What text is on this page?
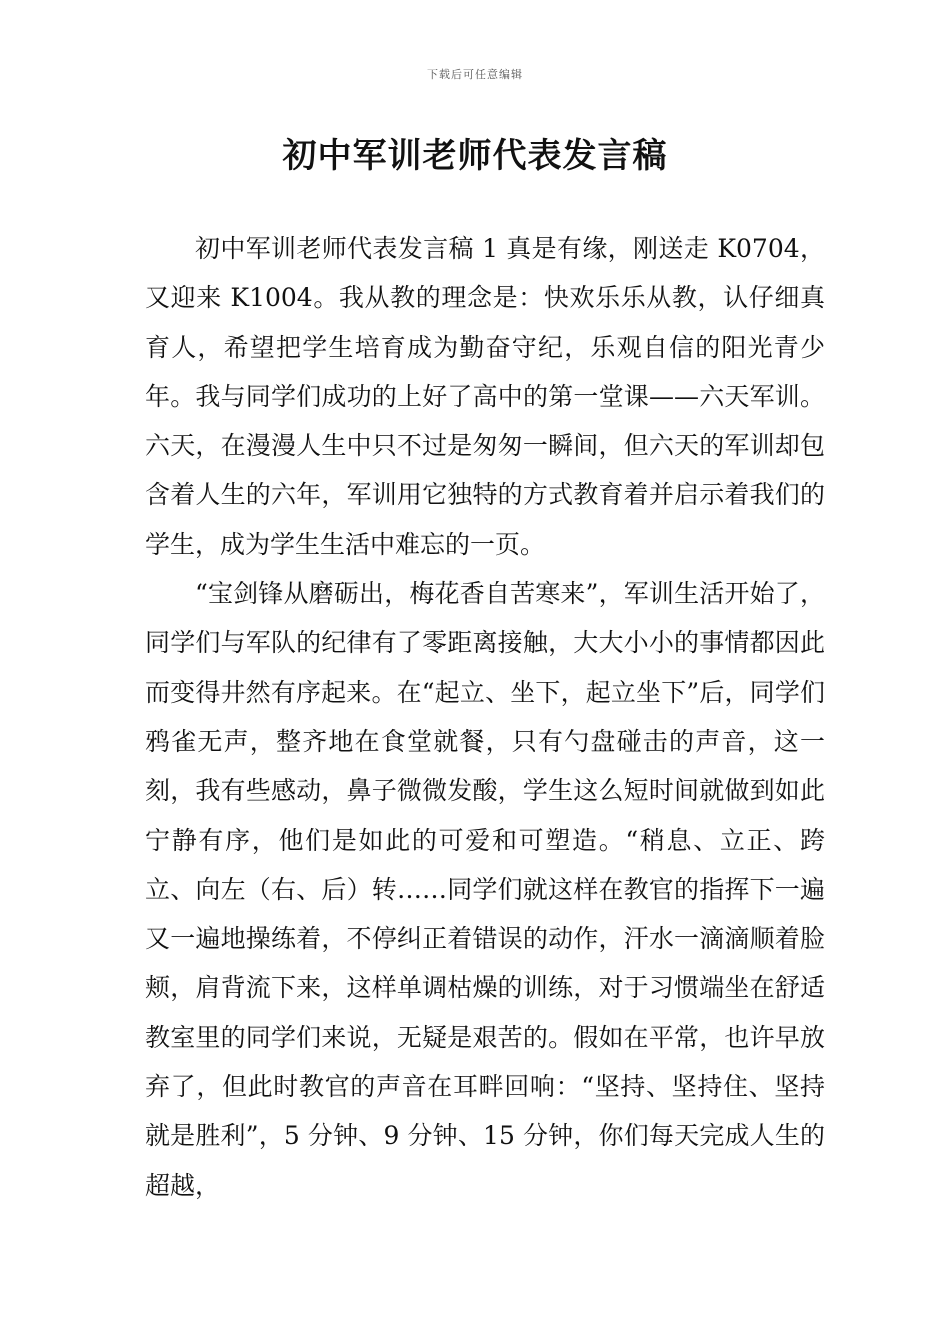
下载后可任意编辑
初中军训老师代表发言稿

初中军训老师代表发言稿 1 真是有缘，刚送走 K0704，又迎来 K1004。我从教的理念是：快欢乐乐从教，认仔细真育人，希望把学生培育成为勤奋守纪，乐观自信的阳光青少年。我与同学们成功的上好了高中的第一堂课——六天军训。六天，在漫漫人生中只不过是匆匆一瞬间，但六天的军训却包含着人生的六年，军训用它独特的方式教育着并启示着我们的学生，成为学生生活中难忘的一页。

“宝剑锋从磨砺出，梅花香自苦寒来”，军训生活开始了，同学们与军队的纪律有了零距离接触，大大小小的事情都因此而变得井然有序起来。在“起立、坐下，起立坐下”后，同学们鸦雀无声，整齐地在食堂就餐，只有勺盘碰击的声音，这一刻，我有些感动，鼻子微微发酸，学生这么短时间就做到如此宁静有序，他们是如此的可爱和可塑造。“稍息、立正、跨立、向左（右、后）转……同学们就这样在教官的指挥下一遍又一遍地操练着，不停纠正着错误的动作，汗水一滴滴顺着脸颊，肩背流下来，这样单调枯燥的训练，对于习惯端坐在舒适教室里的同学们来说，无疑是艰苦的。假如在平常，也许早放弃了，但此时教官的声音在耳畔回响：“坚持、坚持住、坚持就是胜利”，5 分钟、9 分钟、15 分钟，你们每天完成人生的超越，
